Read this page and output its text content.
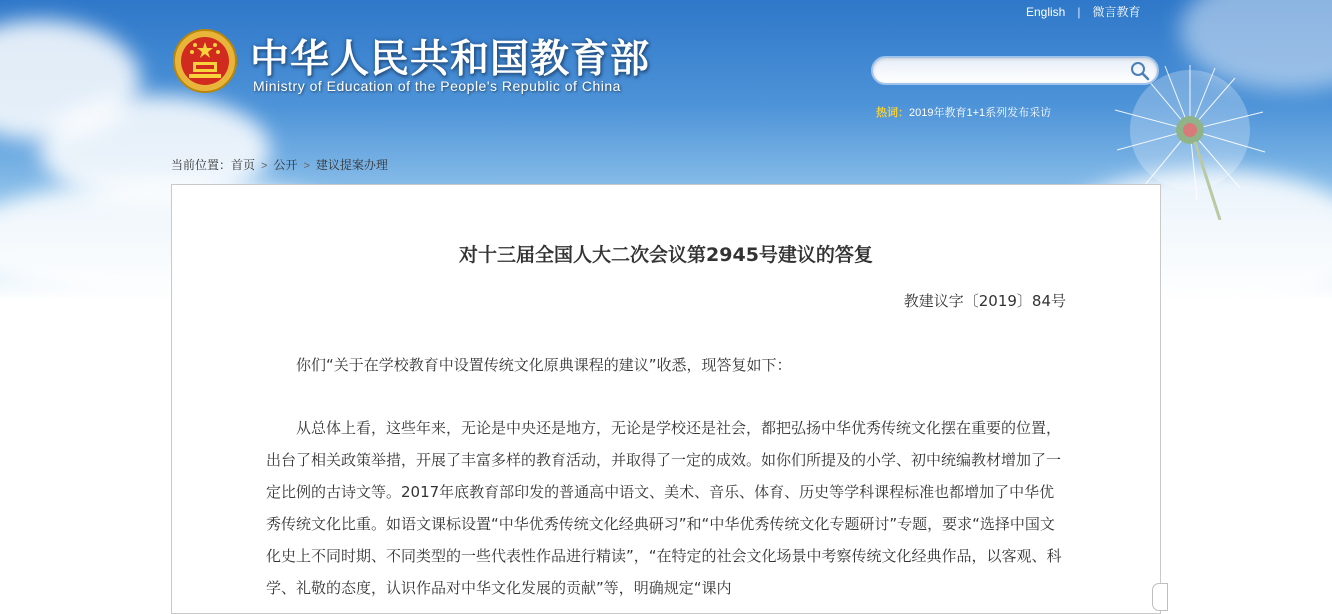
中华人民共和国教育部
Ministry of Education of the People's Republic of China
English | 微言教育
热词：2019年教育1+1系列发布采访
当前位置：首页 > 公开 > 建议提案办理
对十三届全国人大二次会议第2945号建议的答复
教建议字〔2019〕84号

你们“关于在学校教育中设置传统文化原典课程的建议”收悉，现答复如下：

从总体上看，这些年来，无论是中央还是地方，无论是学校还是社会，都把弘扬中华优秀传统文化摆在重要的位置，出台了相关政策举措，开展了丰富多样的教育活动，并取得了一定的成效。如你们所提及的小学、初中统编教材增加了一定比例的古诗文等。2017年底教育部印发的普通高中语文、美术、音乐、体育、历史等学科课程标准也都增加了中华优秀传统文化比重。如语文课标设置“中华优秀传统文化经典研习”和“中华优秀传统文化专题研讨”专题，要求“选择中国文化史上不同时期、不同类型的一些代表性作品进行精读”，“在特定的社会文化场景中考察传统文化经典作品，以客观、科学、礼敬的态度，认识作品对中华文化发展的贡献”等，明确规定“课内
